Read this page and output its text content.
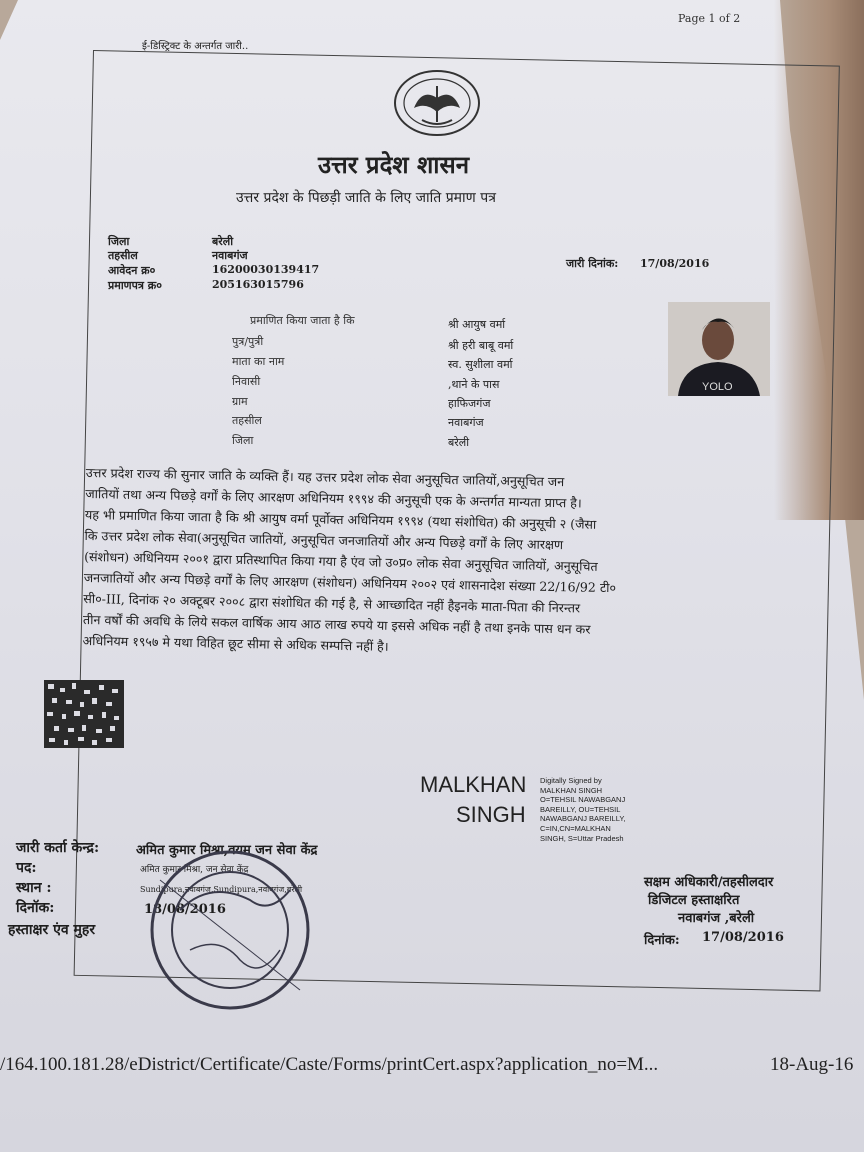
Page 1 of 2
ई-डिस्ट्रिक्ट के अन्तर्गत जारी..
उत्तर प्रदेश शासन
उत्तर प्रदेश के पिछड़ी जाति के लिए जाति प्रमाण पत्र
जिला	बरेली
तहसील	नवाबगंज
आवेदन क्र०	16200030139417
प्रमाणपत्र क्र०	205163015796
जारी दिनांक: 17/08/2016
प्रमाणित किया जाता है कि	श्री आयुष वर्मा
पुत्र/पुत्री	श्री हरी बाबू वर्मा
माता का नाम	स्व. सुशीला वर्मा
निवासी	,थाने के पास
ग्राम	हाफिजगंज
तहसील	नवाबगंज
जिला	बरेली
YOLO
उत्तर प्रदेश राज्य की सुनार जाति के व्यक्ति हैं। यह उत्तर प्रदेश लोक सेवा अनुसूचित जातियों,अनुसूचित जन
जातियों तथा अन्य पिछड़े वर्गों के लिए आरक्षण अधिनियम १९९४ की अनुसूची एक के अन्तर्गत मान्यता प्राप्त है।
यह भी प्रमाणित किया जाता है कि श्री आयुष वर्मा पूर्वोक्त अधिनियम १९९४ (यथा संशोधित) की अनुसूची २ (जैसा
कि उत्तर प्रदेश लोक सेवा(अनुसूचित जातियों, अनुसूचित जनजातियों और अन्य पिछड़े वर्गों के लिए आरक्षण
(संशोधन) अधिनियम २००१ द्वारा प्रतिस्थापित किया गया है एंव जो उ०प्र० लोक सेवा अनुसूचित जातियों, अनुसूचित
जनजातियों और अन्य पिछड़े वर्गों के लिए आरक्षण (संशोधन) अधिनियम २००२ एवं शासनादेश संख्या 22/16/92 टी०
सी०-III, दिनांक २० अक्टूबर २००८ द्वारा संशोधित की गई है, से आच्छादित नहीं हैइनके माता-पिता की निरन्तर
तीन वर्षों की अवधि के लिये सकल वार्षिक आय आठ लाख रुपये या इससे अधिक नहीं है तथा इनके पास धन कर
अधिनियम १९५७ मे यथा विहित छूट सीमा से अधिक सम्पत्ति नहीं है।
MALKHAN
SINGH
Digitally Signed by MALKHAN SINGH O=TEHSIL NAWABGANJ BAREILLY, OU=TEHSIL NAWABGANJ BAREILLY, C=IN,CN=MALKHAN SINGH, S=Uttar Pradesh
सक्षम अधिकारी/तहसीलदार
डिजिटल हस्ताक्षरित
नवाबगंज ,बरेली
दिनांक: 17/08/2016
जारी कर्ता केन्द्र:	अमित कुमार मिश्रा,वयम जन सेवा केंद्र
पद:	अमित कुमार मिश्रा, जन सेवा केंद्र
स्थान :	Sundipura,नवाबगंज,Sundipura,नवाबगंज,बरेली
दिनॉक:	18/08/2016
हस्ताक्षर एंव मुहर
/164.100.181.28/eDistrict/Certificate/Caste/Forms/printCert.aspx?application_no=M...	18-Aug-16
